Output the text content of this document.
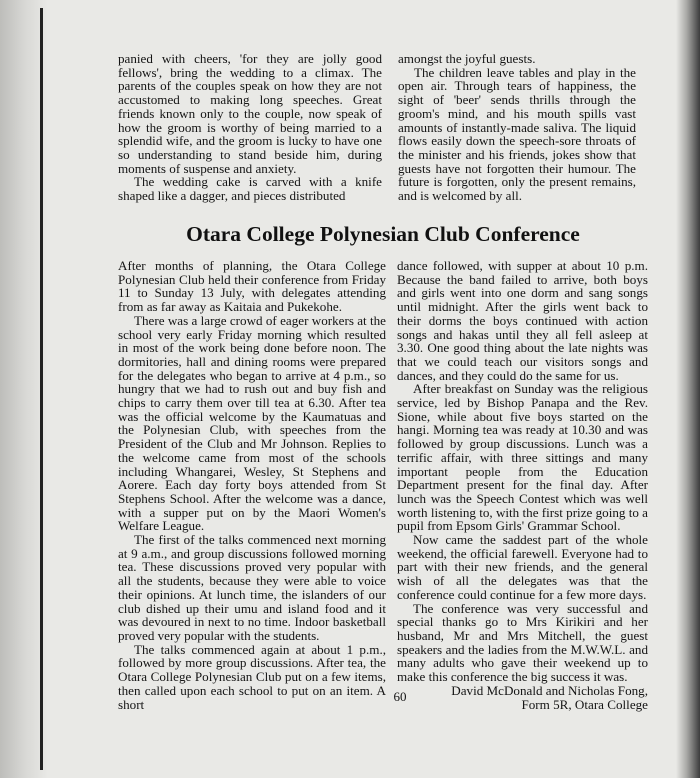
panied with cheers, 'for they are jolly good fellows', bring the wedding to a climax. The parents of the couples speak on how they are not accustomed to making long speeches. Great friends known only to the couple, now speak of how the groom is worthy of being married to a splendid wife, and the groom is lucky to have one so understanding to stand beside him, during moments of suspense and anxiety.

The wedding cake is carved with a knife shaped like a dagger, and pieces distributed

amongst the joyful guests.

The children leave tables and play in the open air. Through tears of happiness, the sight of 'beer' sends thrills through the groom's mind, and his mouth spills vast amounts of instantly-made saliva. The liquid flows easily down the speech-sore throats of the minister and his friends, jokes show that guests have not forgotten their humour. The future is forgotten, only the present remains, and is welcomed by all.

Otara College Polynesian Club Conference

After months of planning, the Otara College Polynesian Club held their conference from Friday 11 to Sunday 13 July, with delegates attending from as far away as Kaitaia and Pukekohe.

There was a large crowd of eager workers at the school very early Friday morning which resulted in most of the work being done before noon. The dormitories, hall and dining rooms were prepared for the delegates who began to arrive at 4 p.m., so hungry that we had to rush out and buy fish and chips to carry them over till tea at 6.30. After tea was the official welcome by the Kaumatuas and the Polynesian Club, with speeches from the President of the Club and Mr Johnson. Replies to the welcome came from most of the schools including Whangarei, Wesley, St Stephens and Aorere. Each day forty boys attended from St Stephens School. After the welcome was a dance, with a supper put on by the Maori Women's Welfare League.

The first of the talks commenced next morning at 9 a.m., and group discussions followed morning tea. These discussions proved very popular with all the students, because they were able to voice their opinions. At lunch time, the islanders of our club dished up their umu and island food and it was devoured in next to no time. Indoor basketball proved very popular with the students.

The talks commenced again at about 1 p.m., followed by more group discussions. After tea, the Otara College Polynesian Club put on a few items, then called upon each school to put on an item. A short

dance followed, with supper at about 10 p.m. Because the band failed to arrive, both boys and girls went into one dorm and sang songs until midnight. After the girls went back to their dorms the boys continued with action songs and hakas until they all fell asleep at 3.30. One good thing about the late nights was that we could teach our visitors songs and dances, and they could do the same for us.

After breakfast on Sunday was the religious service, led by Bishop Panapa and the Rev. Sione, while about five boys started on the hangi. Morning tea was ready at 10.30 and was followed by group discussions. Lunch was a terrific affair, with three sittings and many important people from the Education Department present for the final day. After lunch was the Speech Contest which was well worth listening to, with the first prize going to a pupil from Epsom Girls' Grammar School.

Now came the saddest part of the whole weekend, the official farewell. Everyone had to part with their new friends, and the general wish of all the delegates was that the conference could continue for a few more days.

The conference was very successful and special thanks go to Mrs Kirikiri and her husband, Mr and Mrs Mitchell, the guest speakers and the ladies from the M.W.W.L. and many adults who gave their weekend up to make this conference the big success it was.

David McDonald and Nicholas Fong,

Form 5R, Otara College

60
